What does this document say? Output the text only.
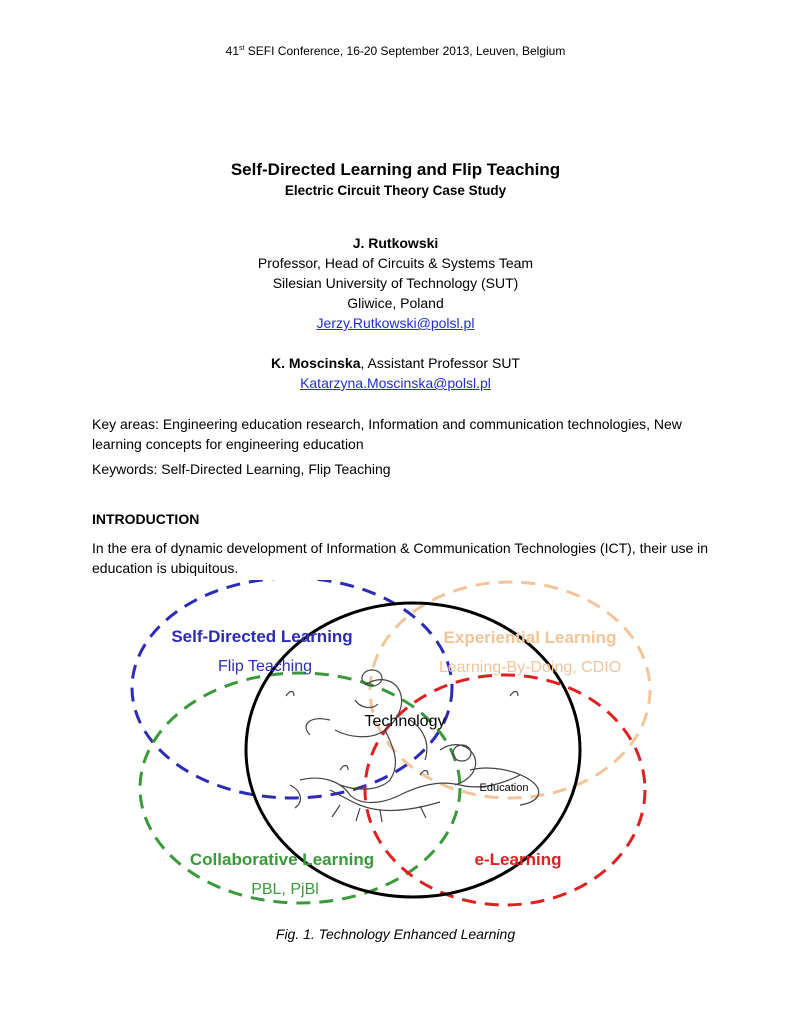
41st SEFI Conference, 16-20 September 2013, Leuven, Belgium
Self-Directed Learning and Flip Teaching
Electric Circuit Theory Case Study
J. Rutkowski
Professor, Head of Circuits & Systems Team
Silesian University of Technology (SUT)
Gliwice, Poland
Jerzy.Rutkowski@polsl.pl
K. Moscinska, Assistant Professor SUT
Katarzyna.Moscinska@polsl.pl
Key areas: Engineering education research, Information and communication technologies, New learning concepts for engineering education
Keywords: Self-Directed Learning, Flip Teaching
INTRODUCTION
In the era of dynamic development of Information & Communication Technologies (ICT), their use in education is ubiquitous.
Self-Directed Learning
Flip Teaching
Experiential Learning
Learning-By-Doing, CDIO
Technology
Education
Collaborative Learning
PBL, PjBl
e-Learning
Fig. 1. Technology Enhanced Learning
